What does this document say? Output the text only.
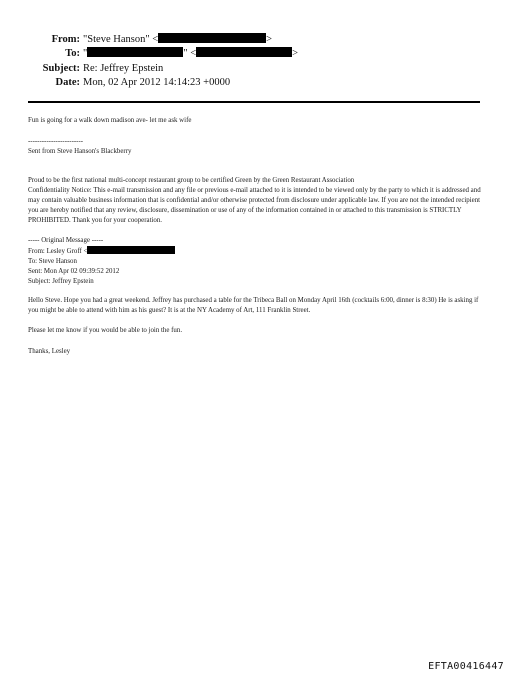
From: "Steve Hanson" <	>
To: "	" <	>
Subject: Re: Jeffrey Epstein
Date: Mon, 02 Apr 2012 14:14:23 +0000
Fun is going for a walk down madison ave- let me ask wife
------------------------
Sent from Steve Hanson's Blackberry
Proud to be the first national multi-concept restaurant group to be certified Green by the Green Restaurant Association
Confidentiality Notice: This e-mail transmission and any file or previous e-mail attached to it is intended to be viewed only by the party to which it is addressed and may contain valuable business information that is confidential and/or otherwise protected from disclosure under applicable law. If you are not the intended recipient you are hereby notified that any review, disclosure, dissemination or use of any of the information contained in or attached to this transmission is STRICTLY PROHIBITED. Thank you for your cooperation.
----- Original Message -----
From: Lesley Groff <
To: Steve Hanson
Sent: Mon Apr 02 09:39:52 2012
Subject: Jeffrey Epstein
Hello Steve. Hope you had a great weekend. Jeffrey has purchased a table for the Tribeca Ball on Monday April 16th (cocktails 6:00, dinner is 8:30) He is asking if you might be able to attend with him as his guest? It is at the NY Academy of Art, 111 Franklin Street.
Please let me know if you would be able to join the fun.
Thanks, Lesley
EFTA00416447
